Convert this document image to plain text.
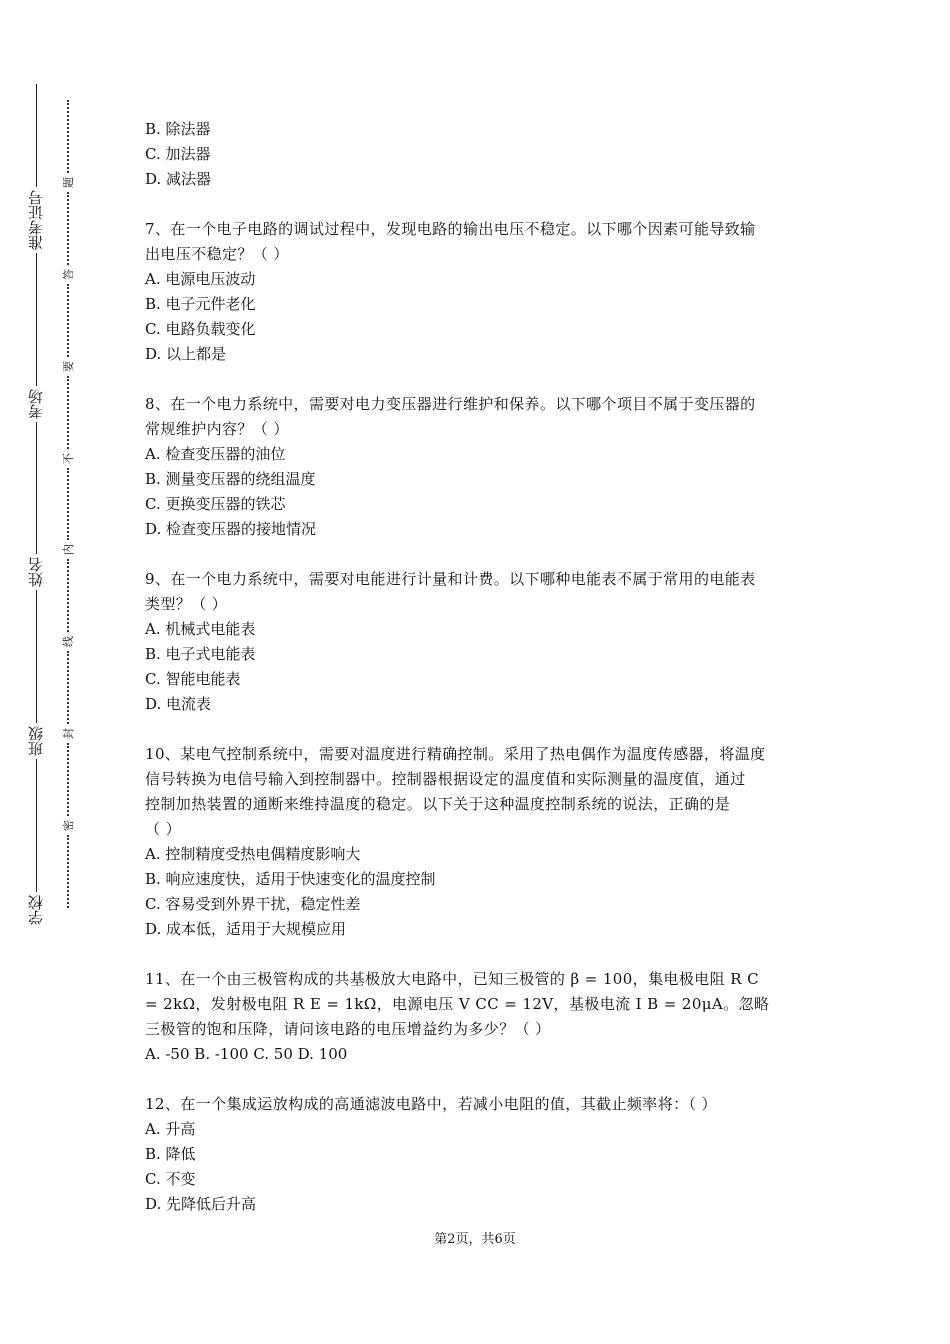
准考证号
考场
姓名
班级
学校
题
答
要
不
内
线
封
密
B. 除法器
C. 加法器
D. 减法器
7、在一个电子电路的调试过程中，发现电路的输出电压不稳定。以下哪个因素可能导致输
出电压不稳定？（ ）
A. 电源电压波动
B. 电子元件老化
C. 电路负载变化
D. 以上都是
8、在一个电力系统中，需要对电力变压器进行维护和保养。以下哪个项目不属于变压器的
常规维护内容？（ ）
A. 检查变压器的油位
B. 测量变压器的绕组温度
C. 更换变压器的铁芯
D. 检查变压器的接地情况
9、在一个电力系统中，需要对电能进行计量和计费。以下哪种电能表不属于常用的电能表
类型？（ ）
A. 机械式电能表
B. 电子式电能表
C. 智能电能表
D. 电流表
10、某电气控制系统中，需要对温度进行精确控制。采用了热电偶作为温度传感器，将温度
信号转换为电信号输入到控制器中。控制器根据设定的温度值和实际测量的温度值，通过
控制加热装置的通断来维持温度的稳定。以下关于这种温度控制系统的说法，正确的是
（ ）
A. 控制精度受热电偶精度影响大
B. 响应速度快，适用于快速变化的温度控制
C. 容易受到外界干扰，稳定性差
D. 成本低，适用于大规模应用
11、在一个由三极管构成的共基极放大电路中，已知三极管的 β = 100，集电极电阻 R C
= 2kΩ，发射极电阻 R E = 1kΩ，电源电压 V CC = 12V，基极电流 I B = 20μA。忽略
三极管的饱和压降，请问该电路的电压增益约为多少？（ ）
A. -50 B. -100 C. 50 D. 100
12、在一个集成运放构成的高通滤波电路中，若减小电阻的值，其截止频率将：（ ）
A. 升高
B. 降低
C. 不变
D. 先降低后升高
第2页，共6页
